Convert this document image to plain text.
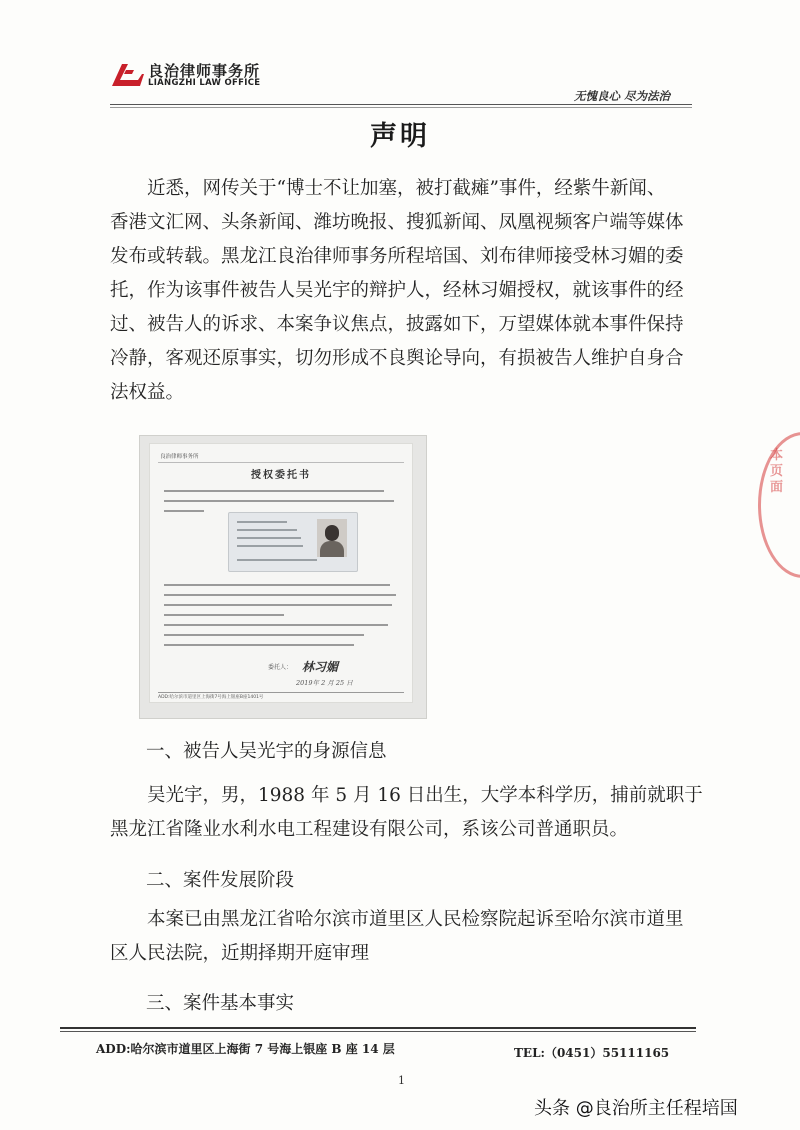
良治律师事务所
LIANGZHI LAW OFFICE
无愧良心 尽为法治
声明

近悉，网传关于“博士不让加塞，被打截瘫”事件，经紫牛新闻、
香港文汇网、头条新闻、潍坊晚报、搜狐新闻、凤凰视频客户端等媒体
发布或转载。黑龙江良治律师事务所程培国、刘布律师接受林习媚的委
托，作为该事件被告人吴光宇的辩护人，经林习媚授权，就该事件的经
过、被告人的诉求、本案争议焦点，披露如下，万望媒体就本事件保持
冷静，客观还原事实，切勿形成不良舆论导向，有损被告人维护自身合
法权益。

良治律师事务所
授权委托书
委托人： 林习媚
2019年 2 月 25 日
ADD:哈尔滨市道里区上海街7号海上银座B座1401号
一、被告人吴光宇的身源信息

吴光宇，男，1988 年 5 月 16 日出生，大学本科学历，捕前就职于
黑龙江省隆业水利水电工程建设有限公司，系该公司普通职员。

二、案件发展阶段

本案已由黑龙江省哈尔滨市道里区人民检察院起诉至哈尔滨市道里
区人民法院，近期择期开庭审理

三、案件基本事实
ADD:哈尔滨市道里区上海街 7 号海上银座 B 座 14 层	TEL:（0451）55111165
1
本页面
头条 @良治所主任程培国
